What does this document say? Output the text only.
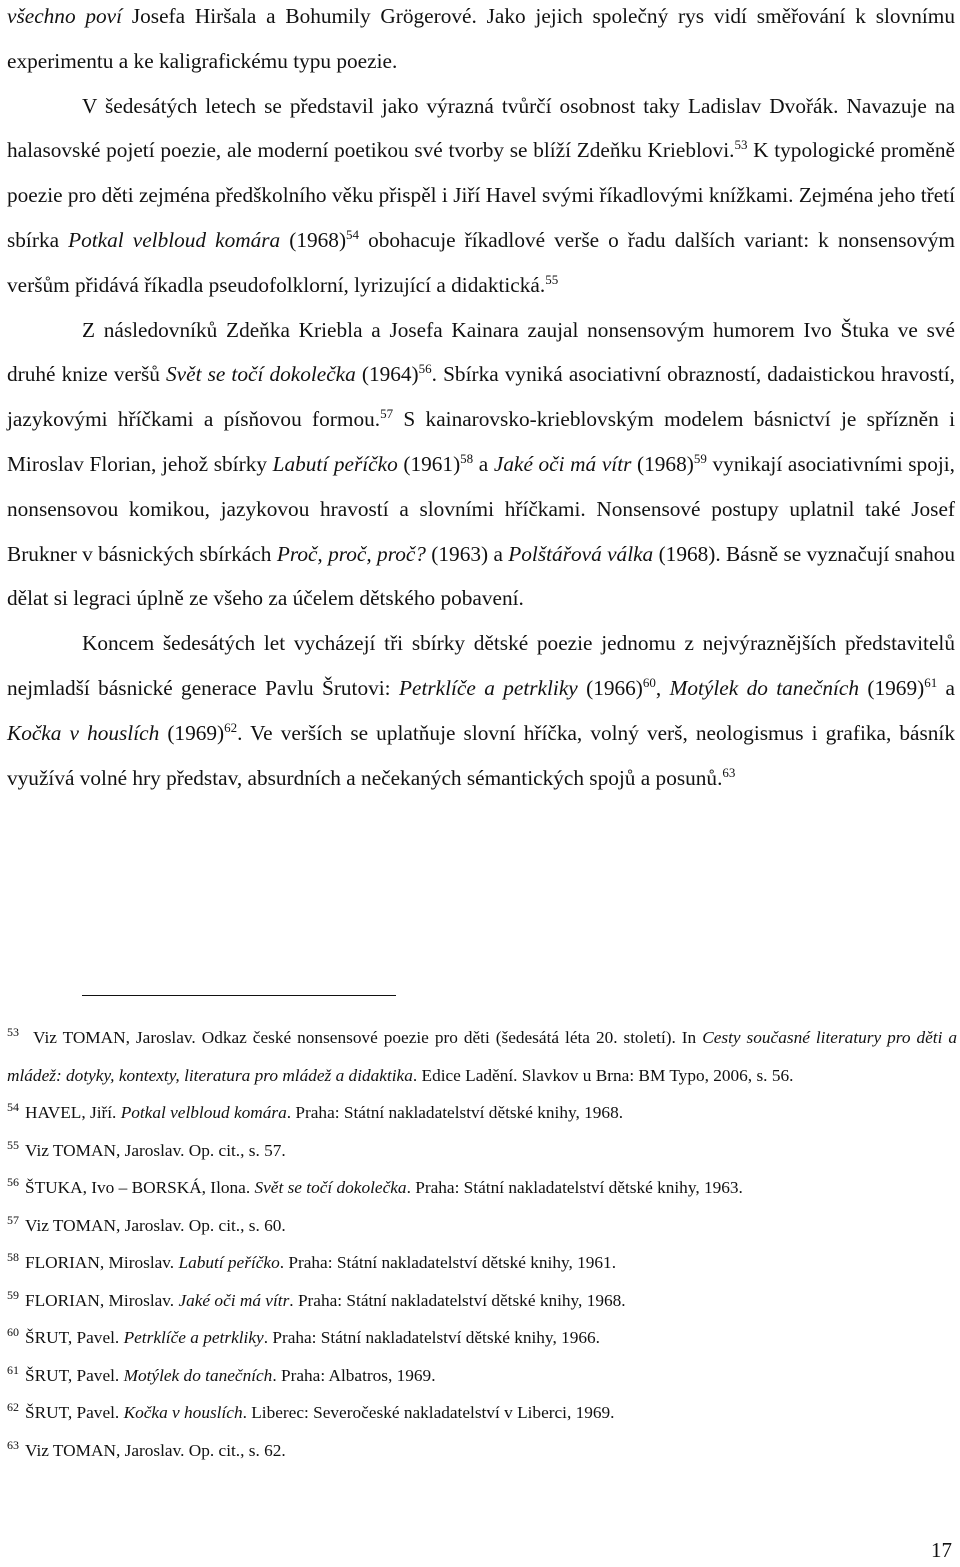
všechno poví Josefa Hiršala a Bohumily Grögerové. Jako jejich společný rys vidí směřování k slovnímu experimentu a ke kaligrafickému typu poezie.

V šedesátých letech se představil jako výrazná tvůrčí osobnost taky Ladislav Dvořák. Navazuje na halasovské pojetí poezie, ale moderní poetikou své tvorby se blíží Zdeňku Krieblovi.$^{53}$ K typologické proměně poezie pro děti zejména předškolního věku přispěl i Jiří Havel svými říkadlovými knížkami. Zejména jeho třetí sbírka Potkal velbloud komára $(1968)^{54}$ obohacuje říkadlové verše o řadu dalších variant: k nonsensovým veršům přidává říkadla pseudofolklorní, lyrizující a didaktická.$^{55}$

Z následovníků Zdeňka Kriebla a Josefa Kainara zaujal nonsensovým humorem Ivo Štuka ve své druhé knize veršů Svět se točí dokolečka $(1964)^{56}$. Sbírka vyniká asociativní obrazností, dadaistickou hravostí, jazykovými hříčkami a písňovou formou.$^{57}$ S kainarovsko-krieblovským modelem básnictví je spřízněn i Miroslav Florian, jehož sbírky Labutí peříčko $(1961)^{58}$ a Jaké oči má vítr $(1968)^{59}$ vynikají asociativními spoji, nonsensovou komikou, jazykovou hravostí a slovními hříčkami. Nonsensové postupy uplatnil také Josef Brukner v básnických sbírkách Proč, proč, proč? (1963) a Polštářová válka (1968). Básně se vyznačují snahou dělat si legraci úplně ze všeho za účelem dětského pobavení.

Koncem šedesátých let vycházejí tři sbírky dětské poezie jednomu z nejvýraznějších představitelů nejmladší básnické generace Pavlu Šrutovi: Petrklíče a petrkliky $(1966)^{60}$, Motýlek do tanečních $(1969)^{61}$ a Kočka v houslích $(1969)^{62}$. Ve verších se uplatňuje slovní hříčka, volný verš, neologismus i grafika, básník využívá volné hry představ, absurdních a nečekaných sémantických spojů a posunů.$^{63}$

$^{53}$ Viz TOMAN, Jaroslav. Odkaz české nonsensové poezie pro děti (šedesátá léta 20. století). In Cesty současné literatury pro děti a mládež: dotyky, kontexty, literatura pro mládež a didaktika. Edice Ladění. Slavkov u Brna: BM Typo, 2006, s. 56.

$^{54}$ HAVEL, Jiří. Potkal velbloud komára. Praha: Státní nakladatelství dětské knihy, 1968.

$^{55}$ Viz TOMAN, Jaroslav. Op. cit., s. 57.

$^{56}$ ŠTUKA, Ivo – BORSKÁ, Ilona. Svět se točí dokolečka. Praha: Státní nakladatelství dětské knihy, 1963.

$^{57}$ Viz TOMAN, Jaroslav. Op. cit., s. 60.

$^{58}$ FLORIAN, Miroslav. Labutí peříčko. Praha: Státní nakladatelství dětské knihy, 1961.

$^{59}$ FLORIAN, Miroslav. Jaké oči má vítr. Praha: Státní nakladatelství dětské knihy, 1968.

$^{60}$ ŠRUT, Pavel. Petrklíče a petrkliky. Praha: Státní nakladatelství dětské knihy, 1966.

$^{61}$ ŠRUT, Pavel. Motýlek do tanečních. Praha: Albatros, 1969.

$^{62}$ ŠRUT, Pavel. Kočka v houslích. Liberec: Severočeské nakladatelství v Liberci, 1969.

$^{63}$ Viz TOMAN, Jaroslav. Op. cit., s. 62.

17
